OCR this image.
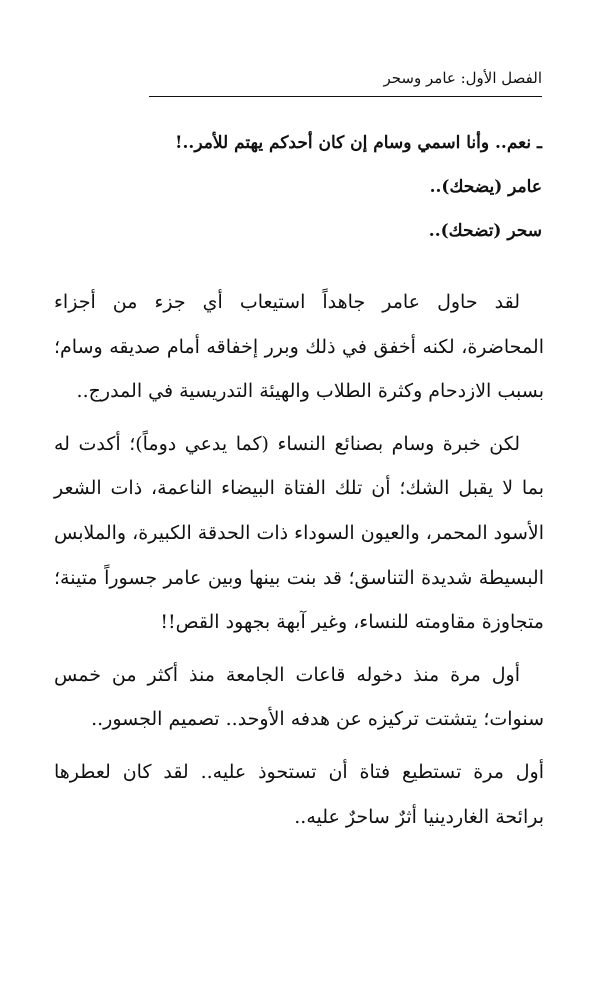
الفصل الأول: عامر وسحر
ـ نعم.. وأنا اسمي وسام إن كان أحدكم يهتم للأمر..!
عامر (يضحك)..
سحر (تضحك)..

لقد حاول عامر جاهداً استيعاب أي جزء من أجزاء المحاضرة، لكنه أخفق في ذلك وبرر إخفاقه أمام صديقه وسام؛ بسبب الازدحام وكثرة الطلاب والهيئة التدريسية في المدرج..

لكن خبرة وسام بصنائع النساء (كما يدعي دوماً)؛ أكدت له بما لا يقبل الشك؛ أن تلك الفتاة البيضاء الناعمة، ذات الشعر الأسود المحمر، والعيون السوداء ذات الحدقة الكبيرة، والملابس البسيطة شديدة التناسق؛ قد بنت بينها وبين عامر جسوراً متينة؛ متجاوزة مقاومته للنساء، وغير آبهة بجهود القص!!

أول مرة منذ دخوله قاعات الجامعة منذ أكثر من خمس سنوات؛ يتشتت تركيزه عن هدفه الأوحد.. تصميم الجسور..

أول مرة تستطيع فتاة أن تستحوذ عليه.. لقد كان لعطرها برائحة الغاردينيا أثرٌ ساحرٌ عليه..
